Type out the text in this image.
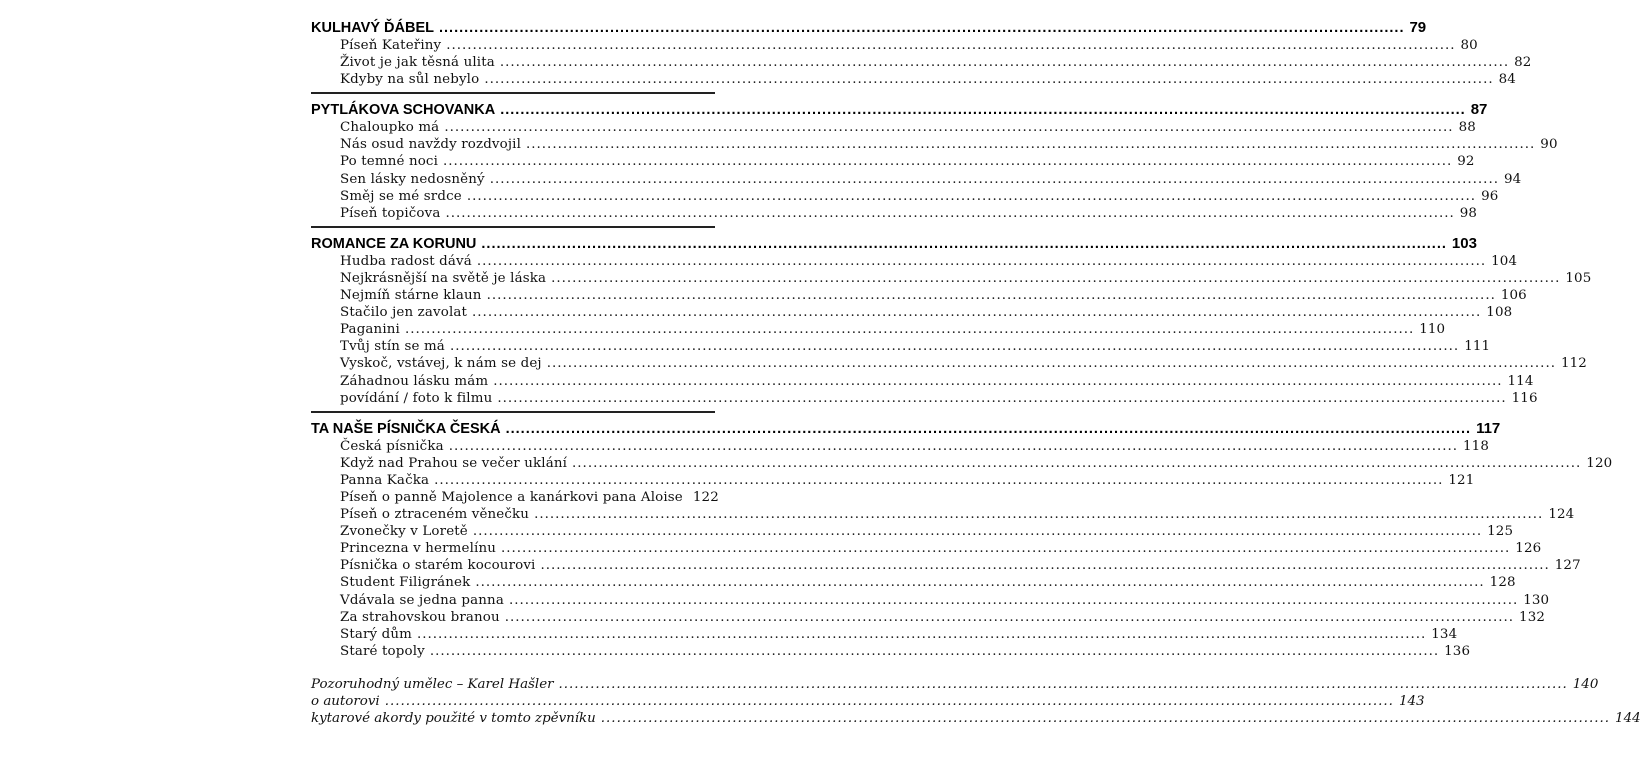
KULHAVÝ ĎÁBEL .....	79
Píseň Kateřiny .....	80
Život je jak těsná ulita .....	82
Kdyby na sůl nebylo .....	84
PYTLÁKOVA SCHOVANKA .....	87
Chaloupko má .....	88
Nás osud navždy rozdvojil .....	90
Po temné noci .....	92
Sen lásky nedosněný .....	94
Směj se mé srdce .....	96
Píseň topičova .....	98
ROMANCE ZA KORUNU .....	103
Hudba radost dává .....	104
Nejkrásnější na světě je láska .....	105
Nejmíň stárne klaun .....	106
Stačilo jen zavolat .....	108
Paganini .....	110
Tvůj stín se má .....	111
Vyskoč, vstávej, k nám se dej .....	112
Záhadnou lásku mám .....	114
povídání / foto k filmu .....	116
TA NAŠE PÍSNIČKA ČESKÁ .....	117
Česká písnička .....	118
Když nad Prahou se večer uklání .....	120
Panna Kačka .....	121
Píseň o panně Majolence a kanárkovi pana Aloise 122
Píseň o ztraceném věnečku .....	124
Zvonečky v Loretě .....	125
Princezna v hermelínu .....	126
Písnička o starém kocourovi .....	127
Student Filigránek .....	128
Vdávala se jedna panna .....	130
Za strahovskou branou .....	132
Starý dům .....	134
Staré topoly .....	136
Pozoruhodný umělec – Karel Hašler .....	140
o autorovi .....	143
kytarové akordy použité v tomto zpěvníku .....	144
